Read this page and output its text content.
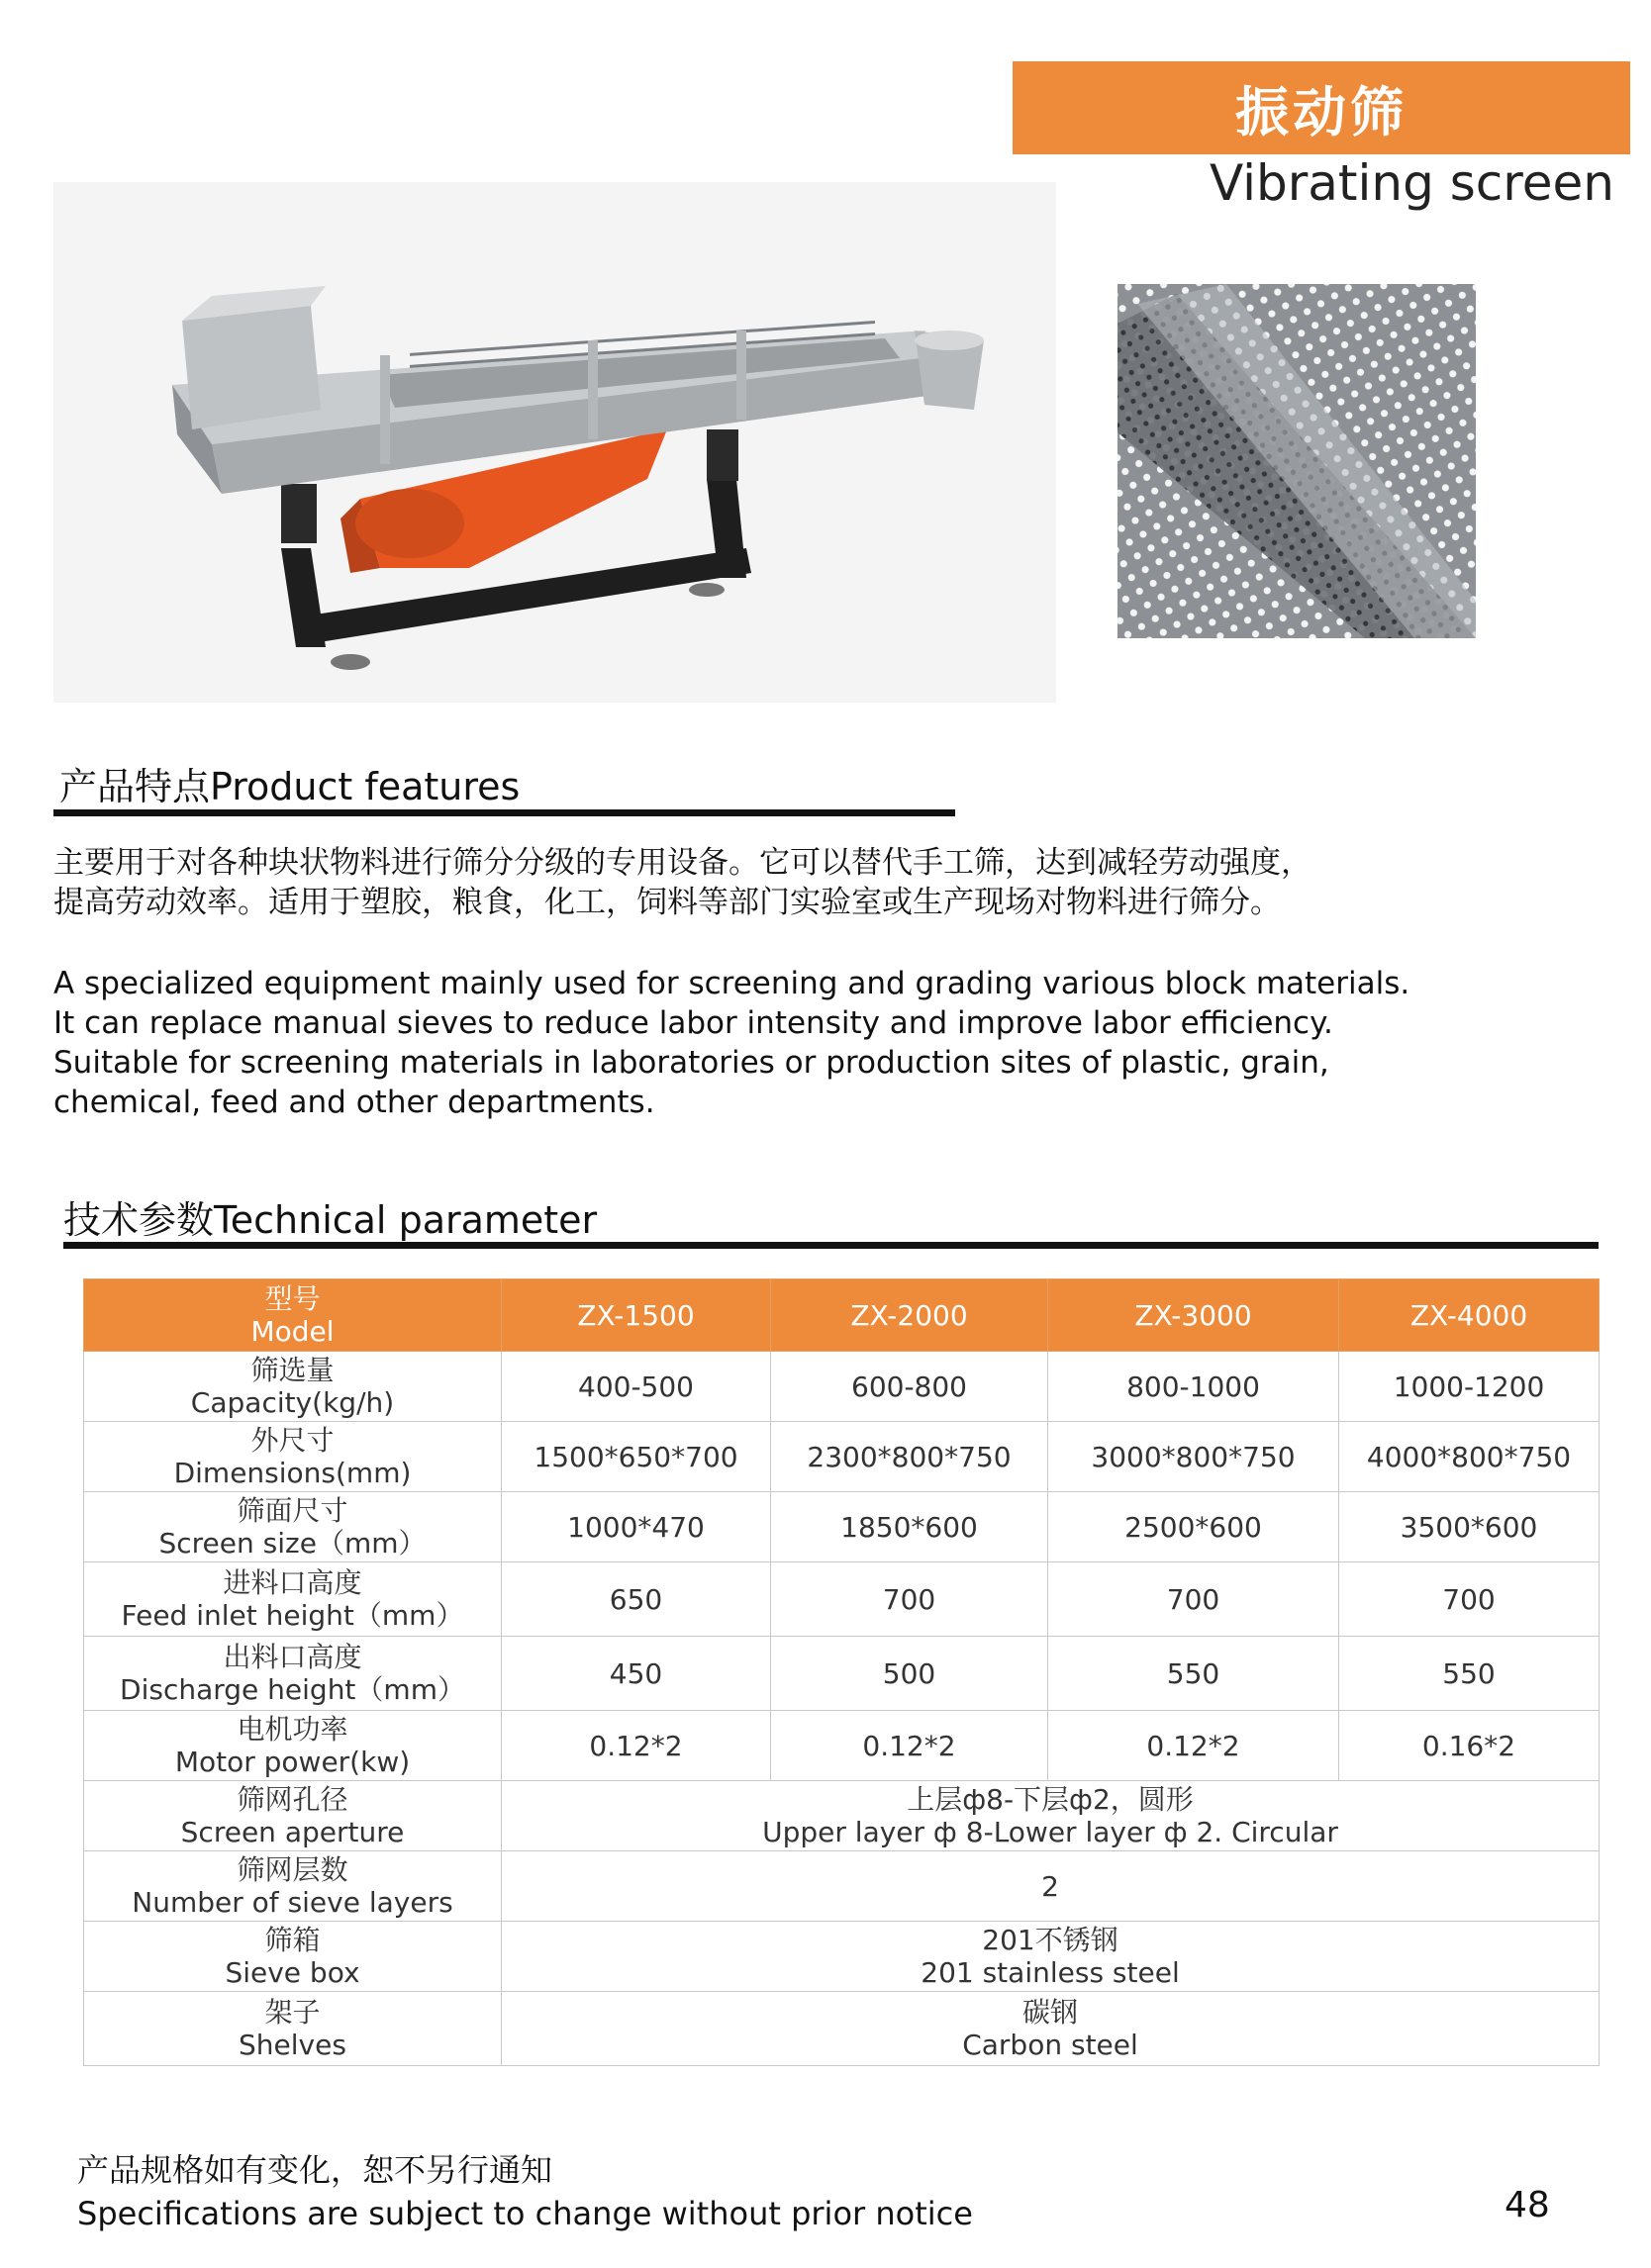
振动筛
Vibrating screen
产品特点Product features

主要用于对各种块状物料进行筛分分级的专用设备。它可以替代手工筛，达到减轻劳动强度，

提高劳动效率。适用于塑胶，粮食，化工，饲料等部门实验室或生产现场对物料进行筛分。

A specialized equipment mainly used for screening and grading various block materials.

It can replace manual sieves to reduce labor intensity and improve labor efficiency.

Suitable for screening materials in laboratories or production sites of plastic, grain,

chemical, feed and other departments.

技术参数Technical parameter
型号
Model	ZX-1500	ZX-2000	ZX-3000	ZX-4000

筛选量
Capacity(kg/h)	400-500	600-800	800-1000	1000-1200

外尺寸
Dimensions(mm)	1500*650*700	2300*800*750	3000*800*750	4000*800*750

筛面尺寸
Screen size（mm）	1000*470	1850*600	2500*600	3500*600

进料口高度
Feed inlet height（mm）	650	700	700	700

出料口高度
Discharge height（mm）	450	500	550	550

电机功率
Motor power(kw)	0.12*2	0.12*2	0.12*2	0.16*2

筛网孔径
Screen aperture	上层ф8-下层ф2，圆形
Upper layer ф 8-Lower layer ф 2. Circular			

筛网层数
Number of sieve layers	2			

筛箱
Sieve box	201不锈钢
201 stainless steel			

架子
Shelves	碳钢
Carbon steel			
产品规格如有变化，恕不另行通知
Specifications are subject to change without prior notice	48
